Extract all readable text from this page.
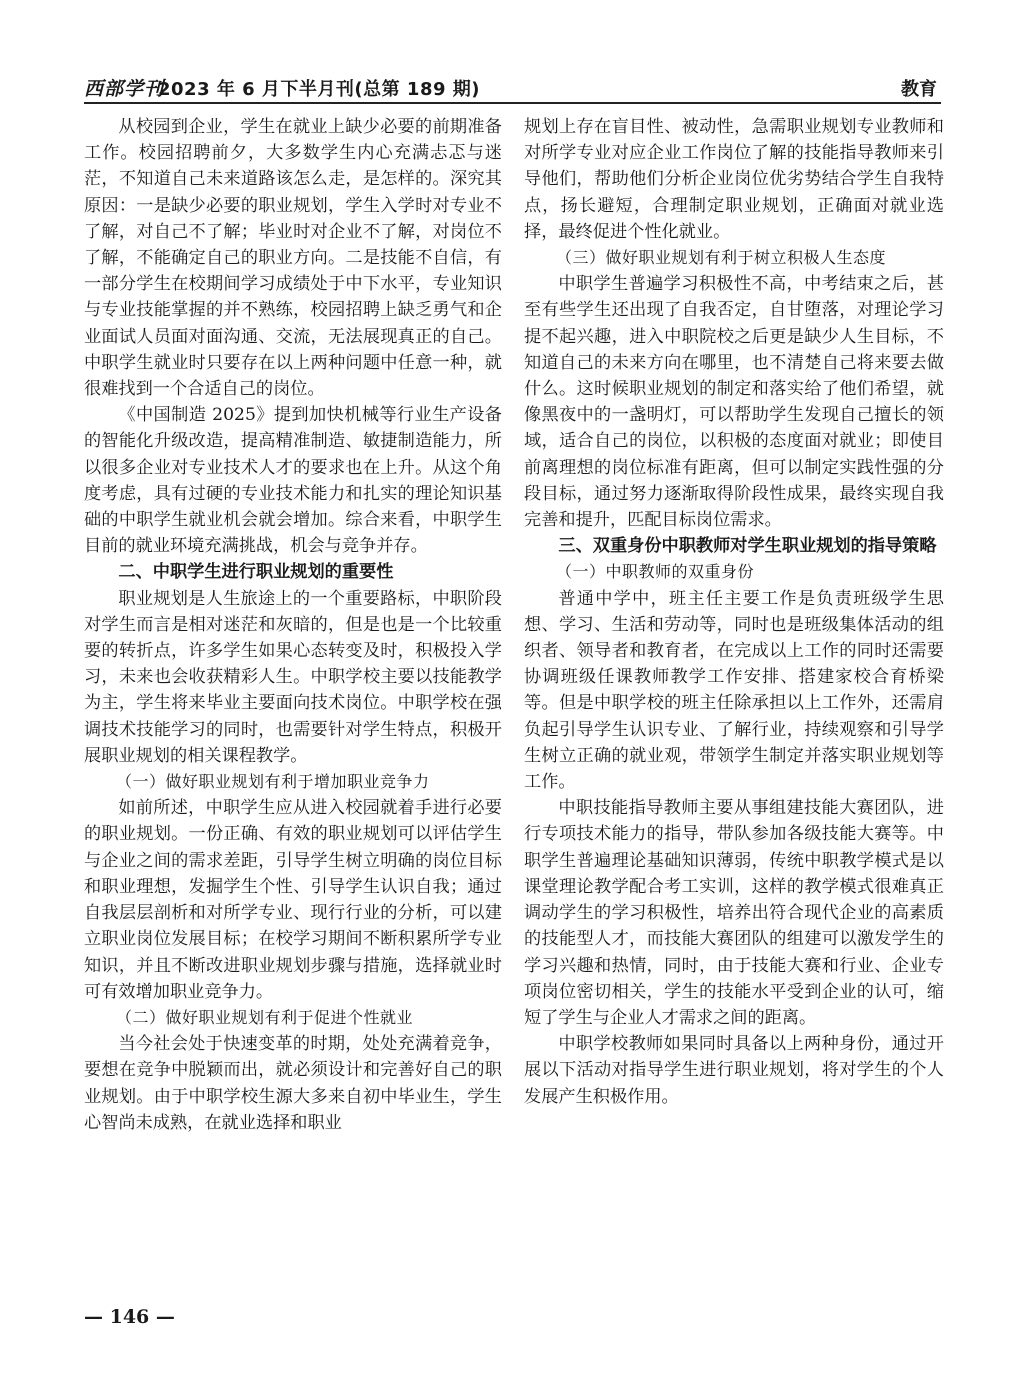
西部学刊
2023 年 6 月下半月刊(总第 189 期)	教育

从校园到企业，学生在就业上缺少必要的前期准备工作。校园招聘前夕，大多数学生内心充满忐忑与迷茫，不知道自己未来道路该怎么走，是怎样的。深究其原因：一是缺少必要的职业规划，学生入学时对专业不了解，对自己不了解；毕业时对企业不了解，对岗位不了解，不能确定自己的职业方向。二是技能不自信，有一部分学生在校期间学习成绩处于中下水平，专业知识与专业技能掌握的并不熟练，校园招聘上缺乏勇气和企业面试人员面对面沟通、交流，无法展现真正的自己。中职学生就业时只要存在以上两种问题中任意一种，就很难找到一个合适自己的岗位。

《中国制造 2025》提到加快机械等行业生产设备的智能化升级改造，提高精准制造、敏捷制造能力，所以很多企业对专业技术人才的要求也在上升。从这个角度考虑，具有过硬的专业技术能力和扎实的理论知识基础的中职学生就业机会就会增加。综合来看，中职学生目前的就业环境充满挑战，机会与竞争并存。

二、中职学生进行职业规划的重要性

职业规划是人生旅途上的一个重要路标，中职阶段对学生而言是相对迷茫和灰暗的，但是也是一个比较重要的转折点，许多学生如果心态转变及时，积极投入学习，未来也会收获精彩人生。中职学校主要以技能教学为主，学生将来毕业主要面向技术岗位。中职学校在强调技术技能学习的同时，也需要针对学生特点，积极开展职业规划的相关课程教学。

（一）做好职业规划有利于增加职业竞争力

如前所述，中职学生应从进入校园就着手进行必要的职业规划。一份正确、有效的职业规划可以评估学生与企业之间的需求差距，引导学生树立明确的岗位目标和职业理想，发掘学生个性、引导学生认识自我；通过自我层层剖析和对所学专业、现行行业的分析，可以建立职业岗位发展目标；在校学习期间不断积累所学专业知识，并且不断改进职业规划步骤与措施，选择就业时可有效增加职业竞争力。

（二）做好职业规划有利于促进个性就业

当今社会处于快速变革的时期，处处充满着竞争，要想在竞争中脱颖而出，就必须设计和完善好自己的职业规划。由于中职学校生源大多来自初中毕业生，学生心智尚未成熟，在就业选择和职业

规划上存在盲目性、被动性，急需职业规划专业教师和对所学专业对应企业工作岗位了解的技能指导教师来引导他们，帮助他们分析企业岗位优劣势结合学生自我特点，扬长避短，合理制定职业规划，正确面对就业选择，最终促进个性化就业。

（三）做好职业规划有利于树立积极人生态度

中职学生普遍学习积极性不高，中考结束之后，甚至有些学生还出现了自我否定，自甘堕落，对理论学习提不起兴趣，进入中职院校之后更是缺少人生目标，不知道自己的未来方向在哪里，也不清楚自己将来要去做什么。这时候职业规划的制定和落实给了他们希望，就像黑夜中的一盏明灯，可以帮助学生发现自己擅长的领域，适合自己的岗位，以积极的态度面对就业；即使目前离理想的岗位标准有距离，但可以制定实践性强的分段目标，通过努力逐渐取得阶段性成果，最终实现自我完善和提升，匹配目标岗位需求。

三、双重身份中职教师对学生职业规划的指导策略
（一）中职教师的双重身份

普通中学中，班主任主要工作是负责班级学生思想、学习、生活和劳动等，同时也是班级集体活动的组织者、领导者和教育者，在完成以上工作的同时还需要协调班级任课教师教学工作安排、搭建家校合育桥梁等。但是中职学校的班主任除承担以上工作外，还需肩负起引导学生认识专业、了解行业，持续观察和引导学生树立正确的就业观，带领学生制定并落实职业规划等工作。

中职技能指导教师主要从事组建技能大赛团队，进行专项技术能力的指导，带队参加各级技能大赛等。中职学生普遍理论基础知识薄弱，传统中职教学模式是以课堂理论教学配合考工实训，这样的教学模式很难真正调动学生的学习积极性，培养出符合现代企业的高素质的技能型人才，而技能大赛团队的组建可以激发学生的学习兴趣和热情，同时，由于技能大赛和行业、企业专项岗位密切相关，学生的技能水平受到企业的认可，缩短了学生与企业人才需求之间的距离。

中职学校教师如果同时具备以上两种身份，通过开展以下活动对指导学生进行职业规划，将对学生的个人发展产生积极作用。

— 146 —
